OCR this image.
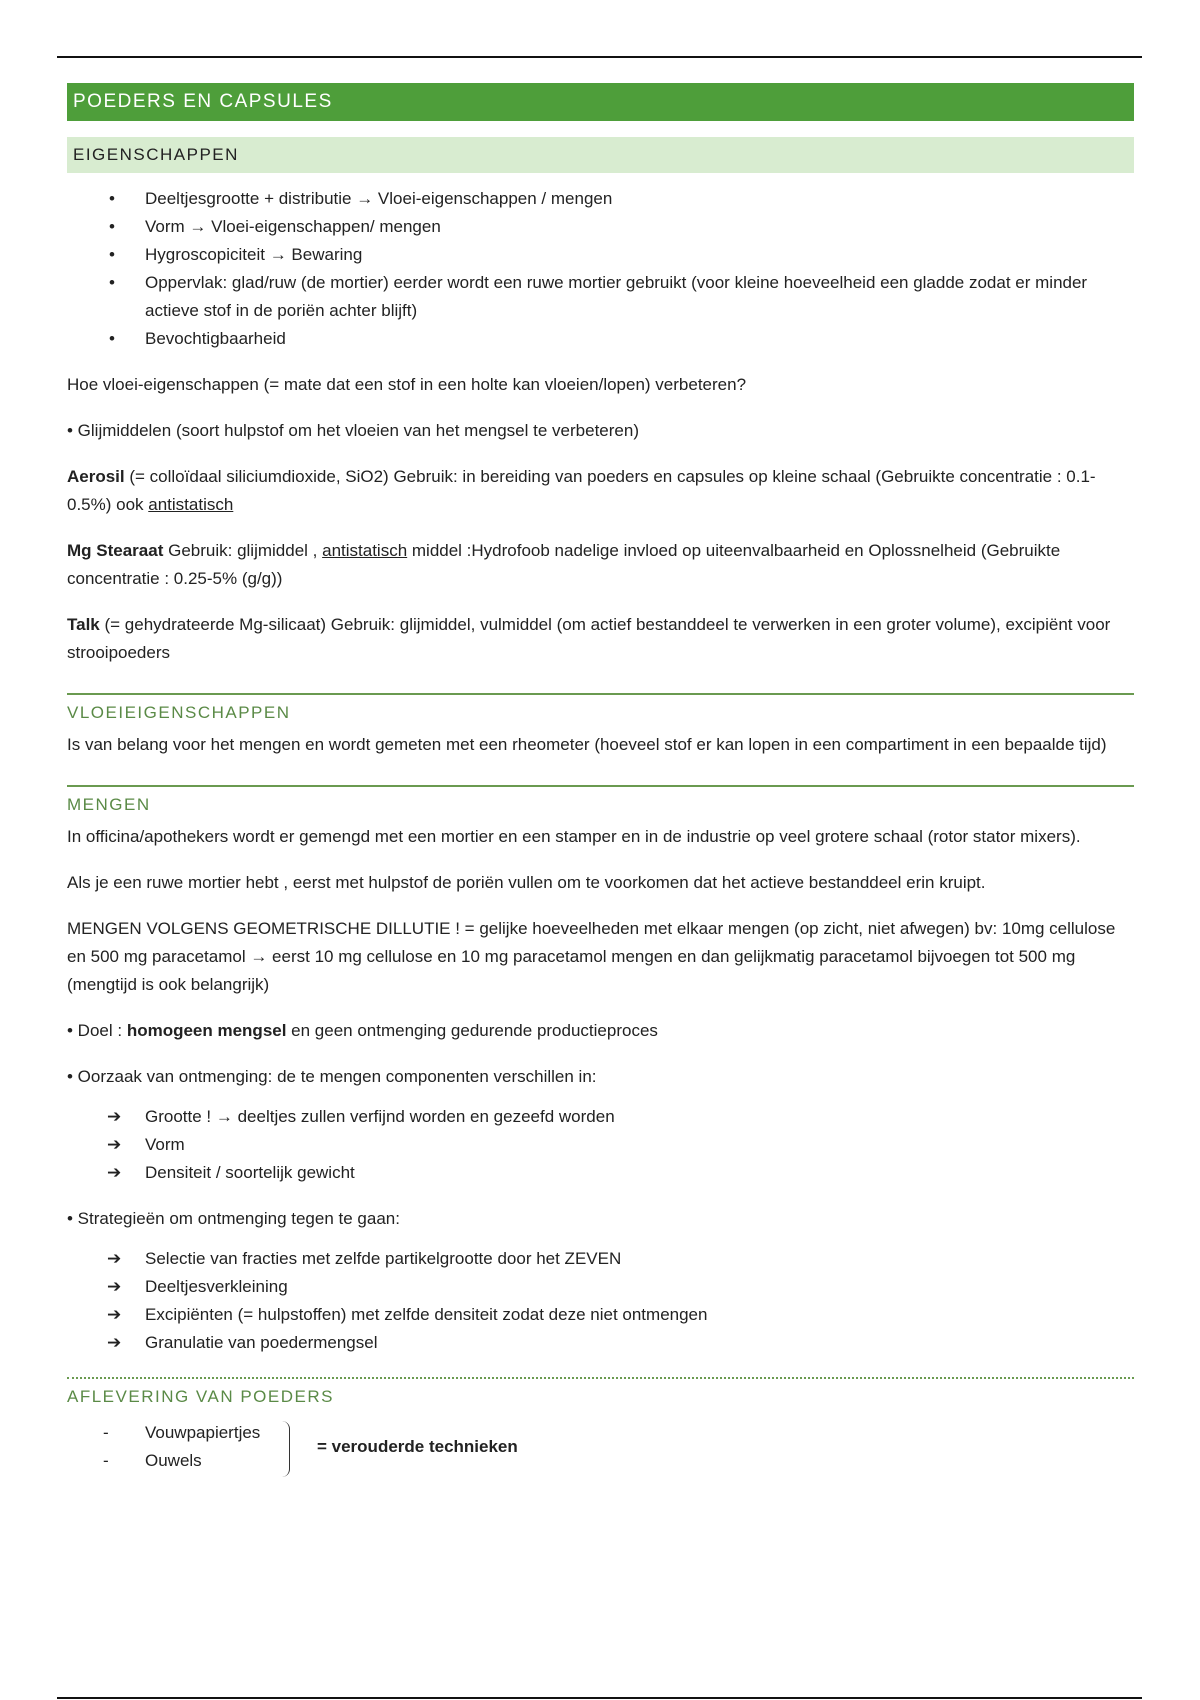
POEDERS EN CAPSULES
EIGENSCHAPPEN
• Deeltjesgrootte + distributie → Vloei-eigenschappen / mengen
• Vorm → Vloei-eigenschappen/ mengen
• Hygroscopiciteit → Bewaring
• Oppervlak: glad/ruw (de mortier) eerder wordt een ruwe mortier gebruikt (voor kleine hoeveelheid een gladde zodat er minder actieve stof in de poriën achter blijft)
• Bevochtigbaarheid

Hoe vloei-eigenschappen (= mate dat een stof in een holte kan vloeien/lopen) verbeteren?

• Glijmiddelen (soort hulpstof om het vloeien van het mengsel te verbeteren)

Aerosil (= colloïdaal siliciumdioxide, SiO2) Gebruik: in bereiding van poeders en capsules op kleine schaal (Gebruikte concentratie : 0.1-0.5%) ook antistatisch

Mg Stearaat Gebruik: glijmiddel , antistatisch middel :Hydrofoob nadelige invloed op uiteenvalbaarheid en Oplossnelheid (Gebruikte concentratie : 0.25-5% (g/g))

Talk (= gehydrateerde Mg-silicaat) Gebruik: glijmiddel, vulmiddel (om actief bestanddeel te verwerken in een groter volume), excipiënt voor strooipoeders

VLOEIEIGENSCHAPPEN

Is van belang voor het mengen en wordt gemeten met een rheometer (hoeveel stof er kan lopen in een compartiment in een bepaalde tijd)

MENGEN

In officina/apothekers wordt er gemengd met een mortier en een stamper en in de industrie op veel grotere schaal (rotor stator mixers).

Als je een ruwe mortier hebt , eerst met hulpstof de poriën vullen om te voorkomen dat het actieve bestanddeel erin kruipt.

MENGEN VOLGENS GEOMETRISCHE DILLUTIE ! = gelijke hoeveelheden met elkaar mengen (op zicht, niet afwegen) bv: 10mg cellulose en 500 mg paracetamol → eerst 10 mg cellulose en 10 mg paracetamol mengen en dan gelijkmatig paracetamol bijvoegen tot 500 mg (mengtijd is ook belangrijk)

• Doel : homogeen mengsel en geen ontmenging gedurende productieproces

• Oorzaak van ontmenging: de te mengen componenten verschillen in:

➔ Grootte ! → deeltjes zullen verfijnd worden en gezeefd worden
➔ Vorm
➔ Densiteit / soortelijk gewicht

• Strategieën om ontmenging tegen te gaan:

➔ Selectie van fracties met zelfde partikelgrootte door het ZEVEN
➔ Deeltjesverkleining
➔ Excipiënten (= hulpstoffen) met zelfde densiteit zodat deze niet ontmengen
➔ Granulatie van poedermengsel
AFLEVERING VAN POEDERS
- Vouwpapiertjes
- Ouwels
= verouderde technieken
